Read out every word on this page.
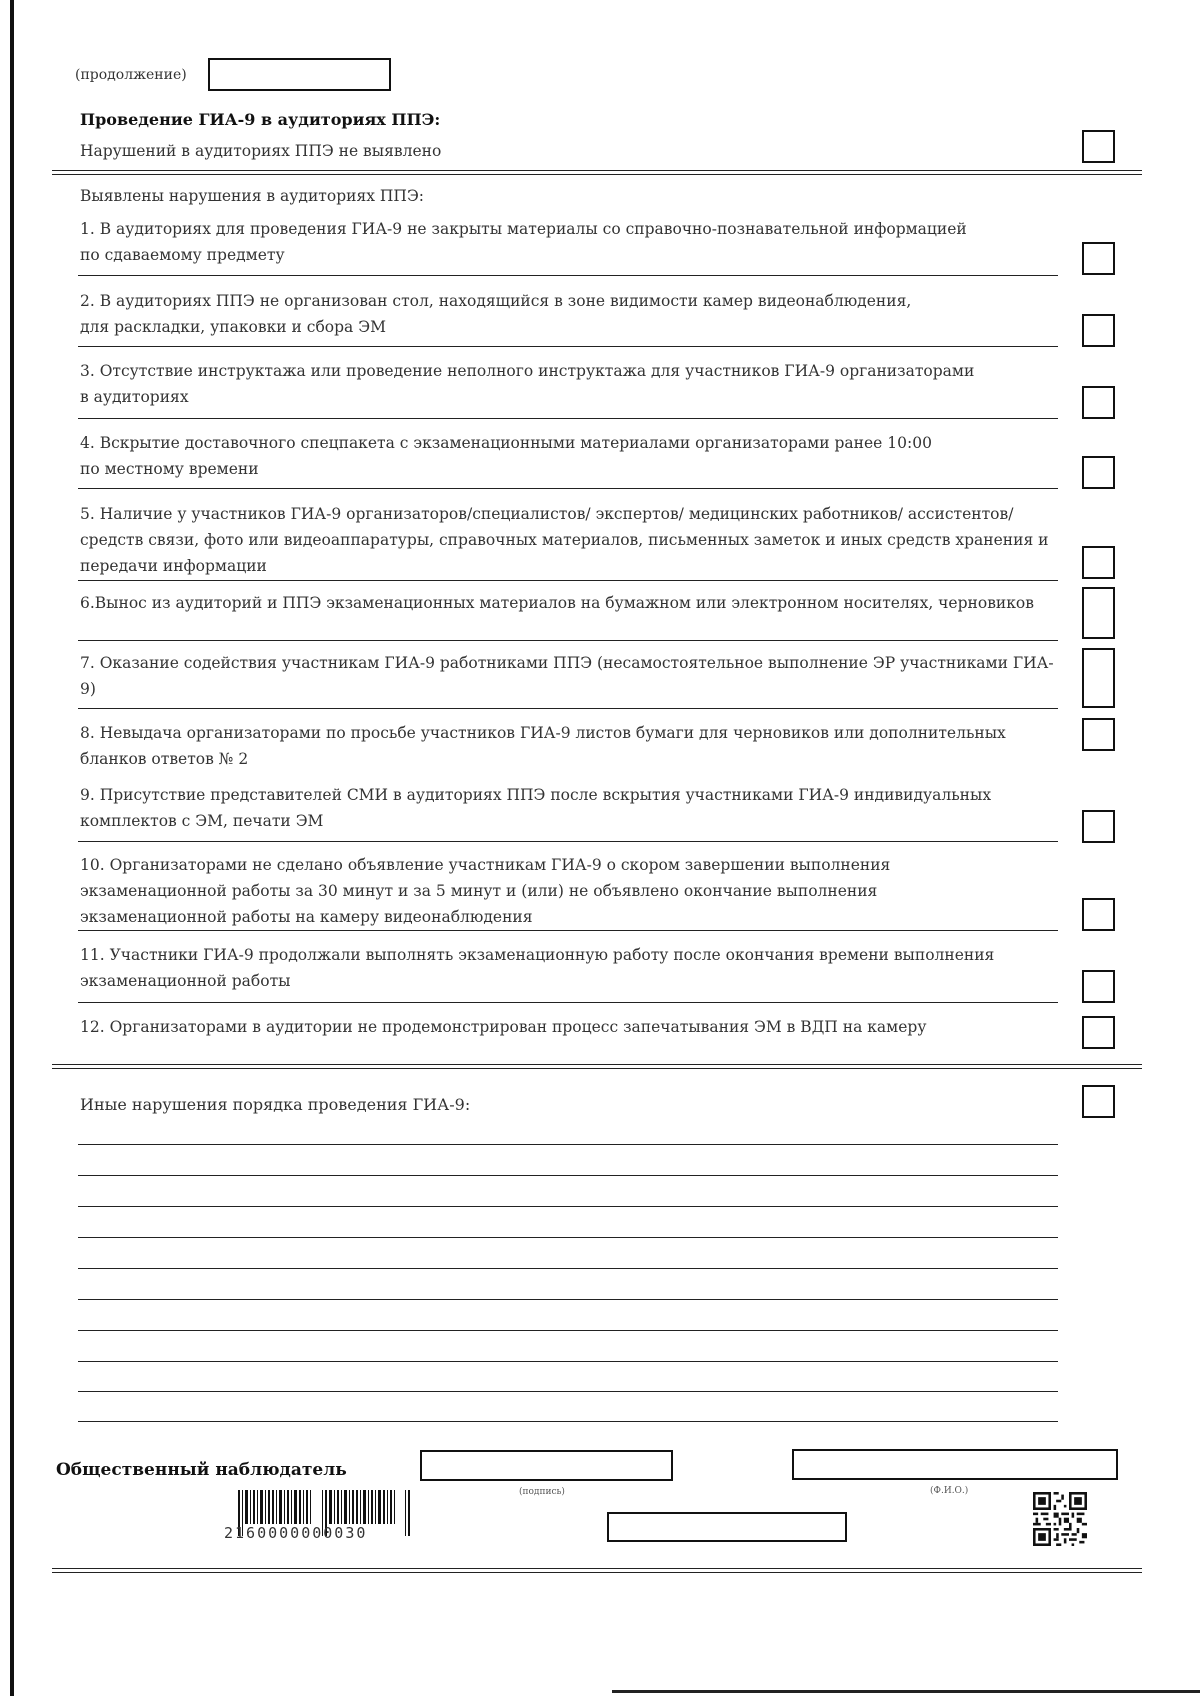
(продолжение)
Проведение ГИА-9 в аудиториях ППЭ:
Нарушений в аудиториях ППЭ не выявлено
Выявлены нарушения в аудиториях ППЭ:
1. В аудиториях для проведения ГИА-9 не закрыты материалы со справочно-познавательной информацией
по сдаваемому предмету
2. В аудиториях ППЭ не организован стол, находящийся в зоне видимости камер видеонаблюдения,
для раскладки, упаковки и сбора ЭМ
3. Отсутствие инструктажа или проведение неполного инструктажа для участников ГИА-9 организаторами
в аудиториях
4. Вскрытие доставочного спецпакета с экзаменационными материалами организаторами ранее 10:00
по местному времени
5. Наличие у участников ГИА-9 организаторов/специалистов/ экспертов/ медицинских работников/ ассистентов/
средств связи, фото или видеоаппаратуры, справочных материалов, письменных заметок и иных средств хранения и
передачи информации
6.Вынос из аудиторий и ППЭ экзаменационных материалов на бумажном или электронном носителях, черновиков
7. Оказание содействия участникам ГИА-9 работниками ППЭ (несамостоятельное выполнение ЭР участниками ГИА-
9)
8. Невыдача организаторами по просьбе участников ГИА-9 листов бумаги для черновиков или дополнительных
бланков ответов № 2
9. Присутствие представителей СМИ в аудиториях ППЭ после вскрытия участниками ГИА-9 индивидуальных
комплектов с ЭМ, печати ЭМ
10. Организаторами не сделано объявление участникам ГИА-9 о скором завершении выполнения
экзаменационной работы за 30 минут и за 5 минут и (или) не объявлено окончание выполнения
экзаменационной работы на камеру видеонаблюдения
11. Участники ГИА-9 продолжали выполнять экзаменационную работу после окончания времени выполнения
экзаменационной работы
12. Организаторами в аудитории не продемонстрирован процесс запечатывания ЭМ в ВДП на камеру
Иные нарушения порядка проведения ГИА-9:
Общественный наблюдатель
(подпись)	(Ф.И.О.)
2160000000030
